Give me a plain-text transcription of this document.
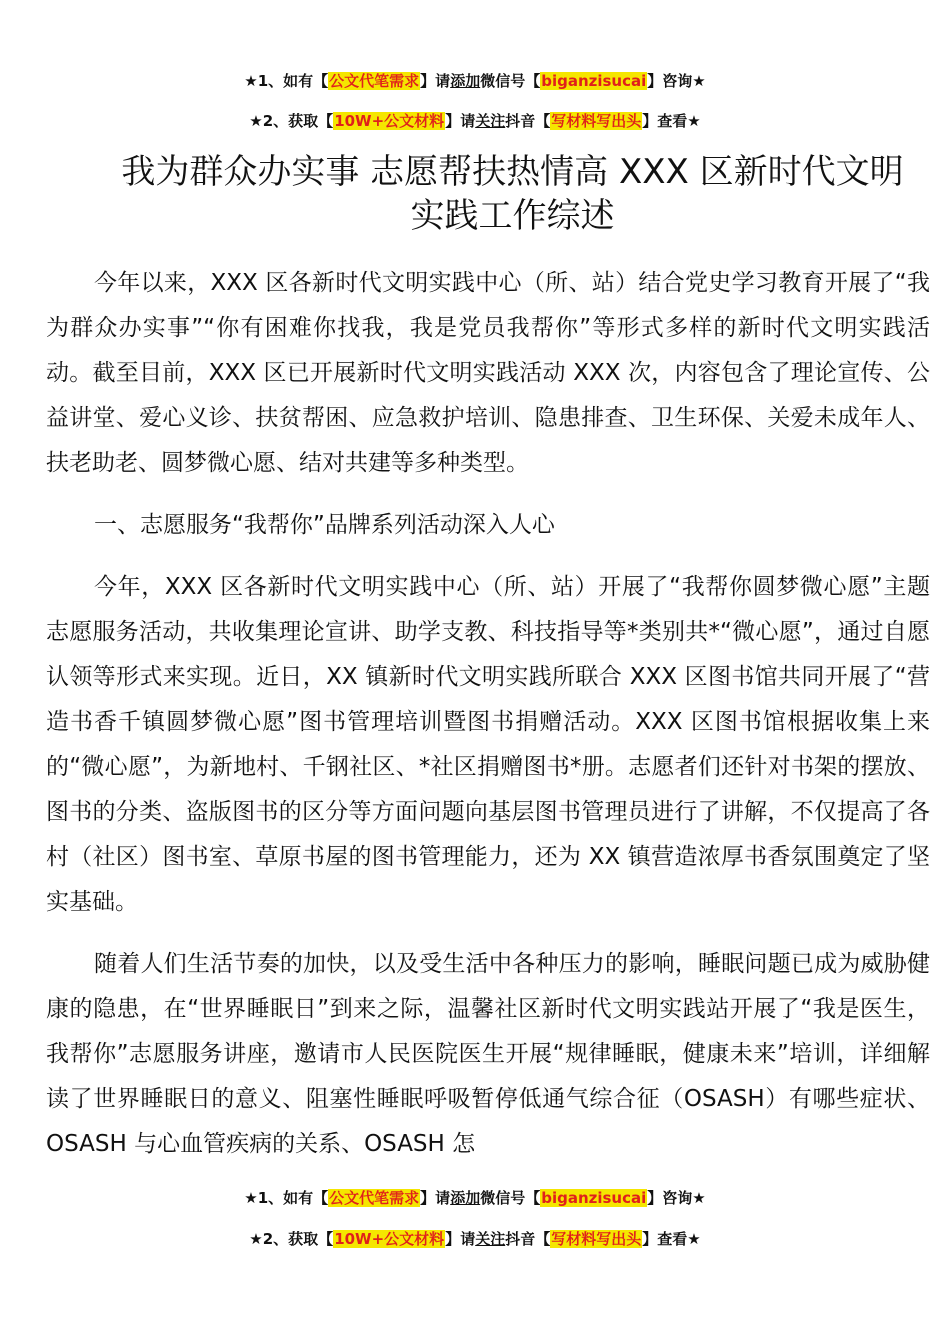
★1、如有【公文代笔需求】请添加微信号【biganzisucai】咨询★
★2、获取【10W+公文材料】请关注抖音【写材料写出头】查看★
我为群众办实事 志愿帮扶热情高 XXX 区新时代文明
实践工作综述

今年以来，XXX 区各新时代文明实践中心（所、站）结合党史学习教育开展了“我为群众办实事”“你有困难你找我，我是党员我帮你”等形式多样的新时代文明实践活动。截至目前，XXX 区已开展新时代文明实践活动 XXX 次，内容包含了理论宣传、公益讲堂、爱心义诊、扶贫帮困、应急救护培训、隐患排查、卫生环保、关爱未成年人、扶老助老、圆梦微心愿、结对共建等多种类型。

一、志愿服务“我帮你”品牌系列活动深入人心

今年，XXX 区各新时代文明实践中心（所、站）开展了“我帮你圆梦微心愿”主题志愿服务活动，共收集理论宣讲、助学支教、科技指导等*类别共*“微心愿”，通过自愿认领等形式来实现。近日，XX 镇新时代文明实践所联合 XXX 区图书馆共同开展了“营造书香千镇圆梦微心愿”图书管理培训暨图书捐赠活动。XXX 区图书馆根据收集上来的“微心愿”，为新地村、千钢社区、*社区捐赠图书*册。志愿者们还针对书架的摆放、图书的分类、盗版图书的区分等方面问题向基层图书管理员进行了讲解，不仅提高了各村（社区）图书室、草原书屋的图书管理能力，还为 XX 镇营造浓厚书香氛围奠定了坚实基础。

随着人们生活节奏的加快，以及受生活中各种压力的影响，睡眠问题已成为威胁健康的隐患，在“世界睡眠日”到来之际，温馨社区新时代文明实践站开展了“我是医生，我帮你”志愿服务讲座，邀请市人民医院医生开展“规律睡眠，健康未来”培训，详细解读了世界睡眠日的意义、阻塞性睡眠呼吸暂停低通气综合征（OSASH）有哪些症状、OSASH 与心血管疾病的关系、OSASH 怎

★1、如有【公文代笔需求】请添加微信号【biganzisucai】咨询★
★2、获取【10W+公文材料】请关注抖音【写材料写出头】查看★
